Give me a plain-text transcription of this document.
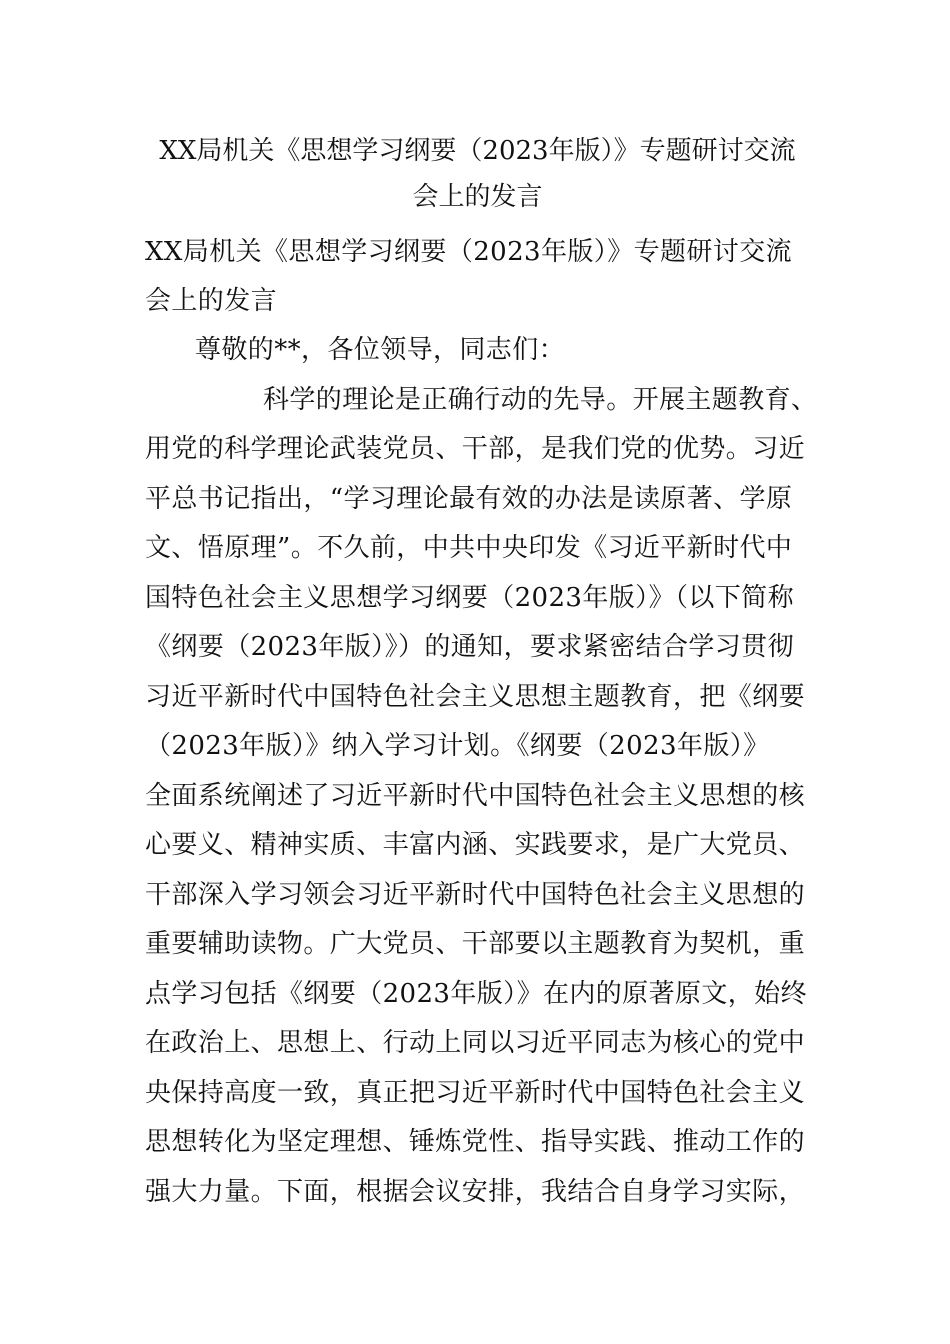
XX局机关《思想学习纲要（2023年版）》专题研讨交流
会上的发言
XX局机关《思想学习纲要（2023年版）》专题研讨交流
会上的发言
尊敬的**，各位领导，同志们：
科学的理论是正确行动的先导。开展主题教育、
用党的科学理论武装党员、干部，是我们党的优势。习近
平总书记指出，“学习理论最有效的办法是读原著、学原
文、悟原理”。不久前，中共中央印发《习近平新时代中
国特色社会主义思想学习纲要（2023年版）》（以下简称
《纲要（2023年版）》）的通知，要求紧密结合学习贯彻
习近平新时代中国特色社会主义思想主题教育，把《纲要
（2023年版）》纳入学习计划。《纲要（2023年版）》
全面系统阐述了习近平新时代中国特色社会主义思想的核
心要义、精神实质、丰富内涵、实践要求，是广大党员、
干部深入学习领会习近平新时代中国特色社会主义思想的
重要辅助读物。广大党员、干部要以主题教育为契机，重
点学习包括《纲要（2023年版）》在内的原著原文，始终
在政治上、思想上、行动上同以习近平同志为核心的党中
央保持高度一致，真正把习近平新时代中国特色社会主义
思想转化为坚定理想、锤炼党性、指导实践、推动工作的
强大力量。下面，根据会议安排，我结合自身学习实际，
